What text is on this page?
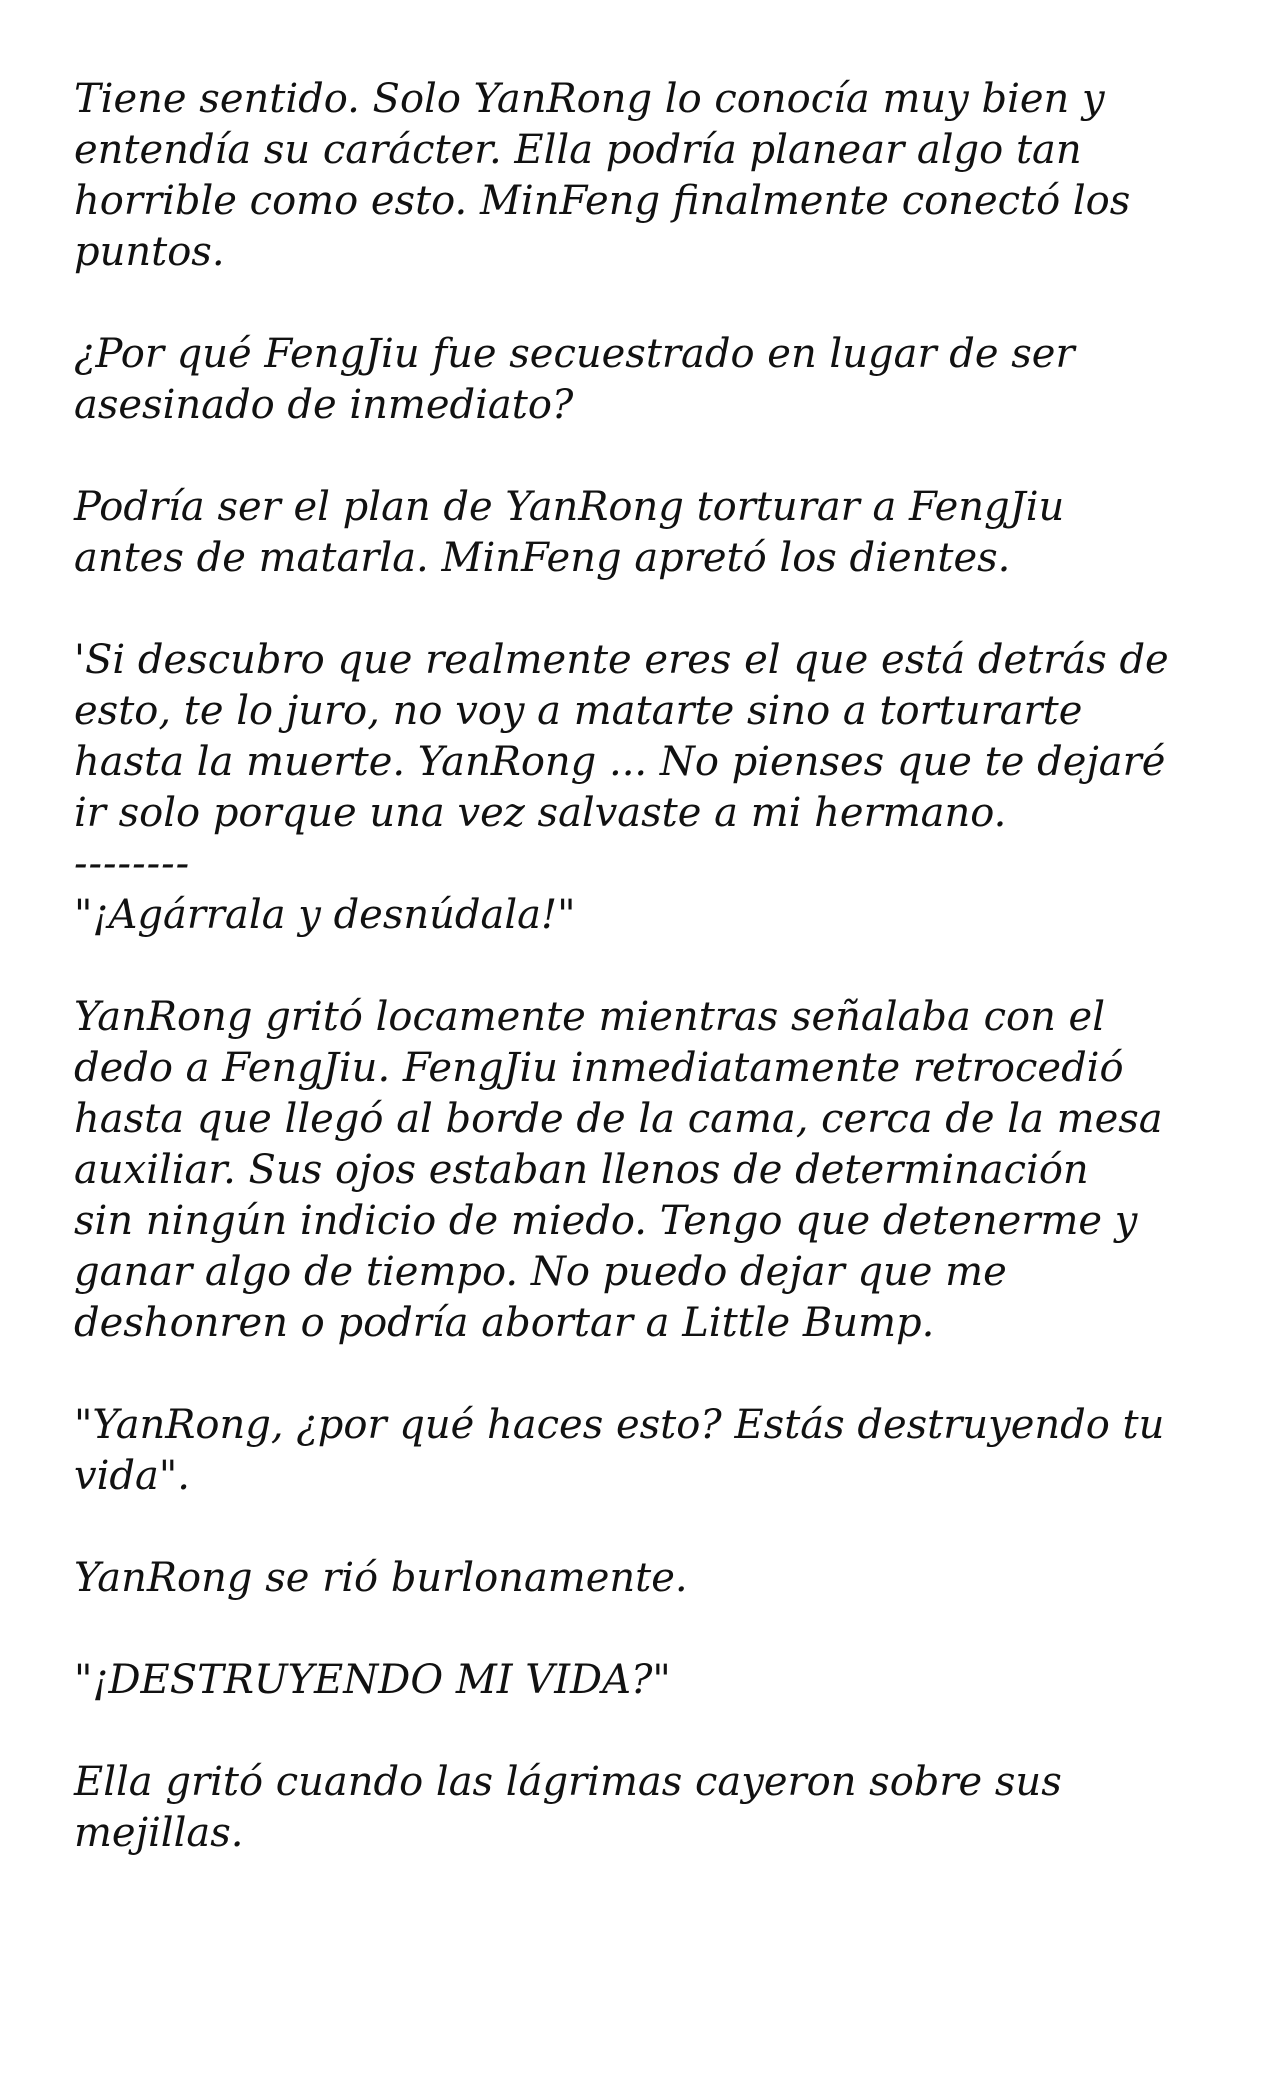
Tiene sentido. Solo YanRong lo conocía muy bien y
entendía su carácter. Ella podría planear algo tan
horrible como esto. MinFeng finalmente conectó los
puntos.

¿Por qué FengJiu fue secuestrado en lugar de ser
asesinado de inmediato?

Podría ser el plan de YanRong torturar a FengJiu
antes de matarla. MinFeng apretó los dientes.

'Si descubro que realmente eres el que está detrás de
esto, te lo juro, no voy a matarte sino a torturarte
hasta la muerte. YanRong ... No pienses que te dejaré
ir solo porque una vez salvaste a mi hermano.

--------

"¡Agárrala y desnúdala!"

YanRong gritó locamente mientras señalaba con el
dedo a FengJiu. FengJiu inmediatamente retrocedió
hasta que llegó al borde de la cama, cerca de la mesa
auxiliar. Sus ojos estaban llenos de determinación
sin ningún indicio de miedo. Tengo que detenerme y
ganar algo de tiempo. No puedo dejar que me
deshonren o podría abortar a Little Bump.

"YanRong, ¿por qué haces esto? Estás destruyendo tu
vida".

YanRong se rió burlonamente.

"¡DESTRUYENDO MI VIDA?"

Ella gritó cuando las lágrimas cayeron sobre sus
mejillas.
